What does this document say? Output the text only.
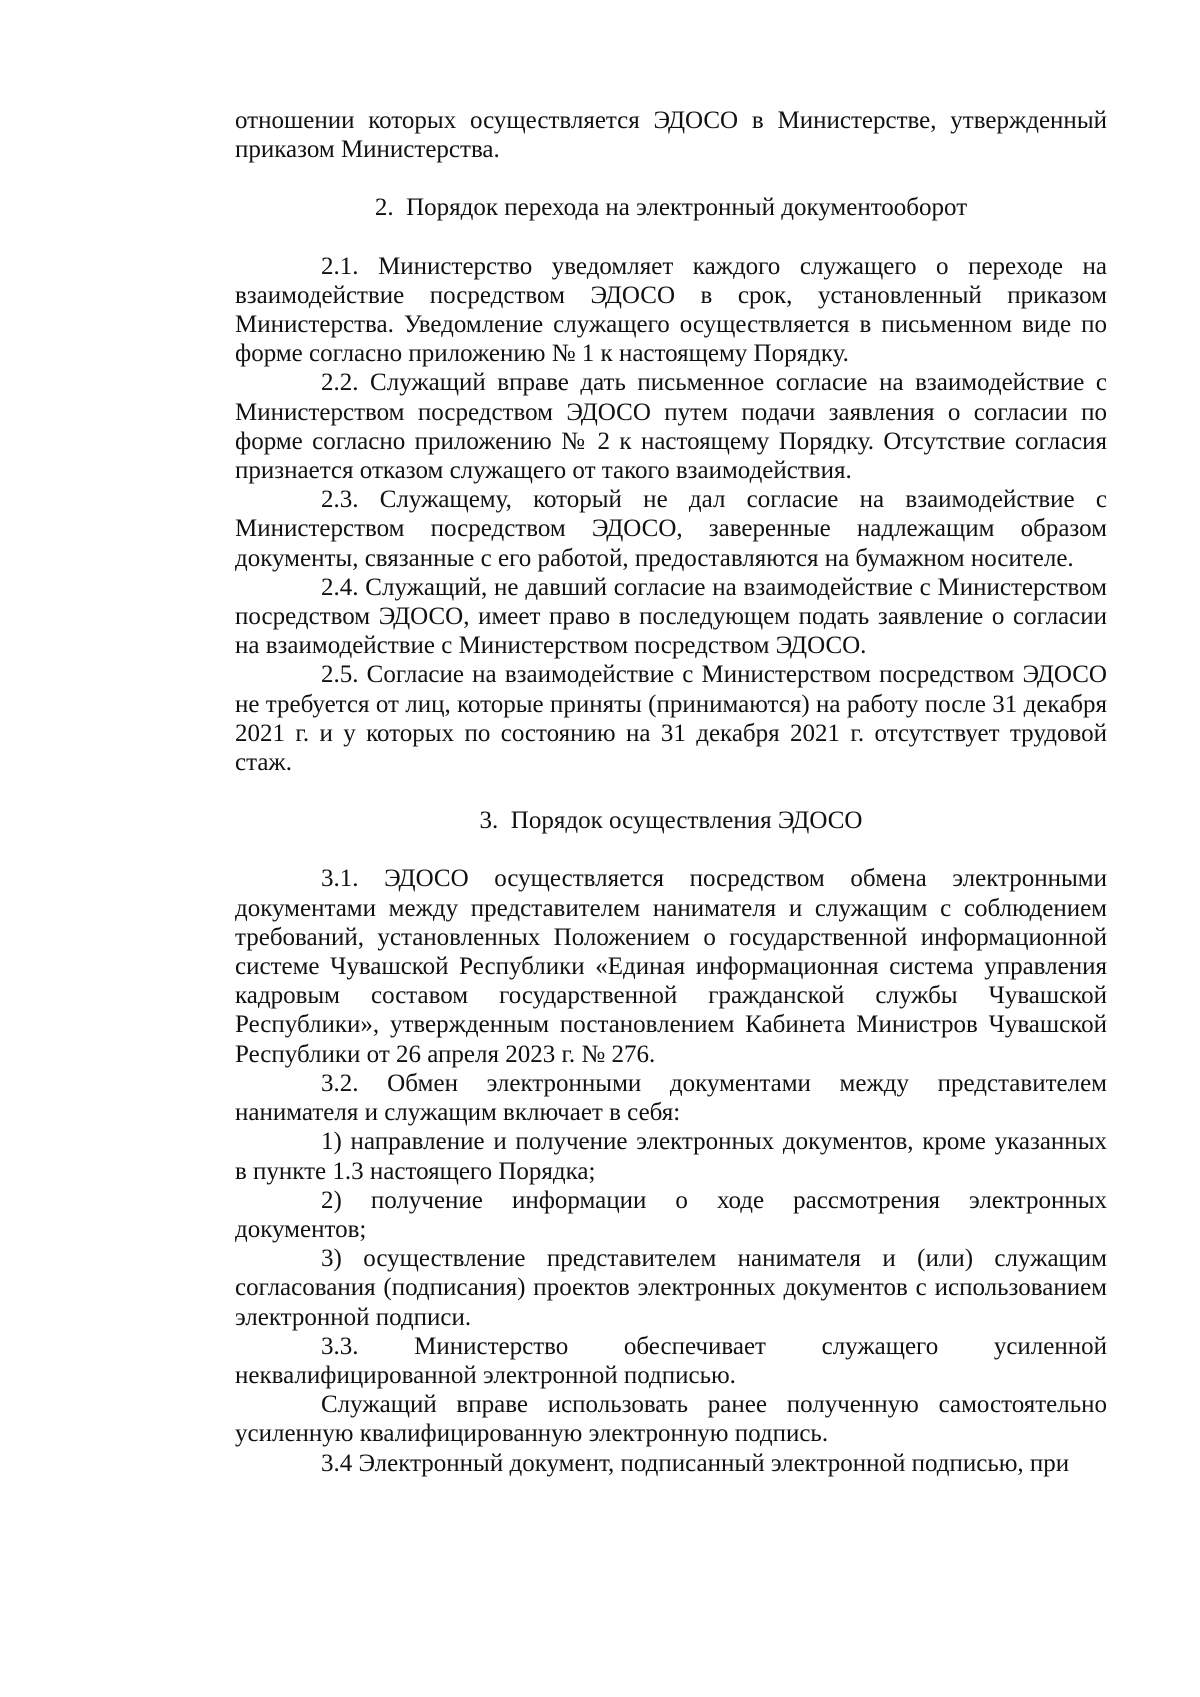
отношении которых осуществляется ЭДОСО в Министерстве, утвержденный приказом Министерства.

2.  Порядок перехода на электронный документооборот

2.1. Министерство уведомляет каждого служащего о переходе на взаимодействие посредством ЭДОСО в срок, установленный приказом Министерства. Уведомление служащего осуществляется в письменном виде по форме согласно приложению № 1 к настоящему Порядку.

2.2. Служащий вправе дать письменное согласие на взаимодействие с Министерством посредством ЭДОСО путем подачи заявления о согласии по форме согласно приложению № 2 к настоящему Порядку. Отсутствие согласия признается отказом служащего от такого взаимодействия.

2.3. Служащему, который не дал согласие на взаимодействие с Министерством посредством ЭДОСО, заверенные надлежащим образом документы, связанные с его работой, предоставляются на бумажном носителе.

2.4. Служащий, не давший согласие на взаимодействие с Министерством посредством ЭДОСО, имеет право в последующем подать заявление о согласии на взаимодействие с Министерством посредством ЭДОСО.

2.5. Согласие на взаимодействие с Министерством посредством ЭДОСО не требуется от лиц, которые приняты (принимаются) на работу после 31 декабря 2021 г. и у которых по состоянию на 31 декабря 2021 г. отсутствует трудовой стаж.

3.  Порядок осуществления ЭДОСО

3.1. ЭДОСО осуществляется посредством обмена электронными документами между представителем нанимателя и служащим с соблюдением требований, установленных Положением о государственной информационной системе Чувашской Республики «Единая информационная система управления кадровым составом государственной гражданской службы Чувашской Республики», утвержденным постановлением Кабинета Министров Чувашской Республики от 26 апреля 2023 г. № 276.

3.2. Обмен электронными документами между представителем нанимателя и служащим включает в себя:

1) направление и получение электронных документов, кроме указанных в пункте 1.3 настоящего Порядка;

2) получение информации о ходе рассмотрения электронных документов;

3) осуществление представителем нанимателя и (или) служащим согласования (подписания) проектов электронных документов с использованием электронной подписи.

3.3. Министерство обеспечивает служащего усиленной неквалифицированной электронной подписью.

Служащий вправе использовать ранее полученную самостоятельно усиленную квалифицированную электронную подпись.

3.4 Электронный документ, подписанный электронной подписью, при
